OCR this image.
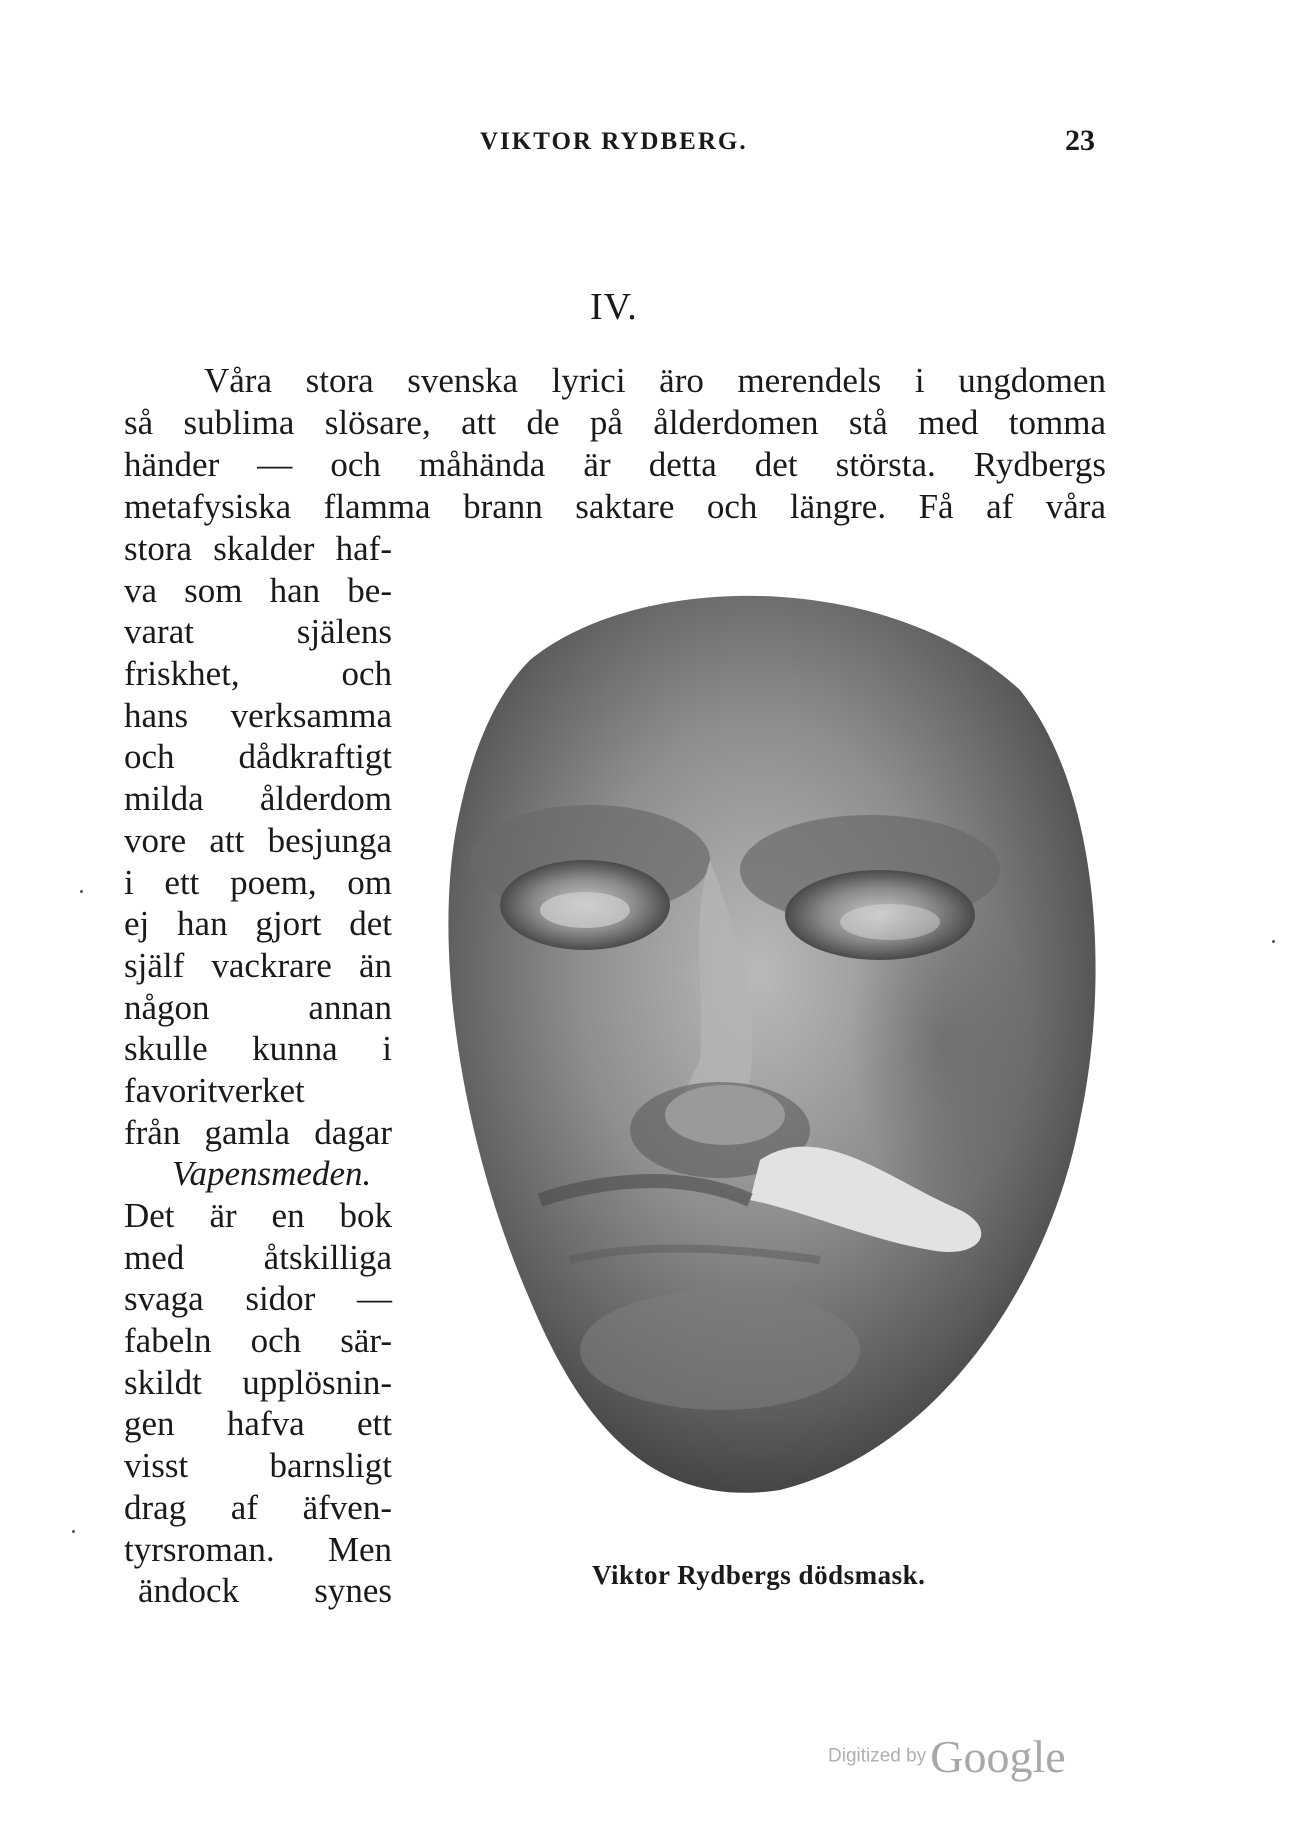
VIKTOR RYDBERG.	23
IV.
Våra stora svenska lyrici äro merendels i ungdomen
så sublima slösare, att de på ålderdomen stå med tomma
händer — och måhända är detta det största. Rydbergs
metafysiska flamma brann saktare och längre. Få af våra
stora skalder haf-
va som han be-
varat själens
friskhet, och
hans verksamma
och dådkraftigt
milda ålderdom
vore att besjunga
i ett poem, om
ej han gjort det
själf vackrare än
någon annan
skulle kunna i
favoritverket
från gamla dagar
Vapensmeden.
Det är en bok
med åtskilliga
svaga sidor —
fabeln och sär-
skildt upplösnin-
gen hafva ett
visst barnsligt
drag af äfven-
tyrsroman. Men
ändock synes	Viktor Rydbergs dödsmask.
Digitized by Google
